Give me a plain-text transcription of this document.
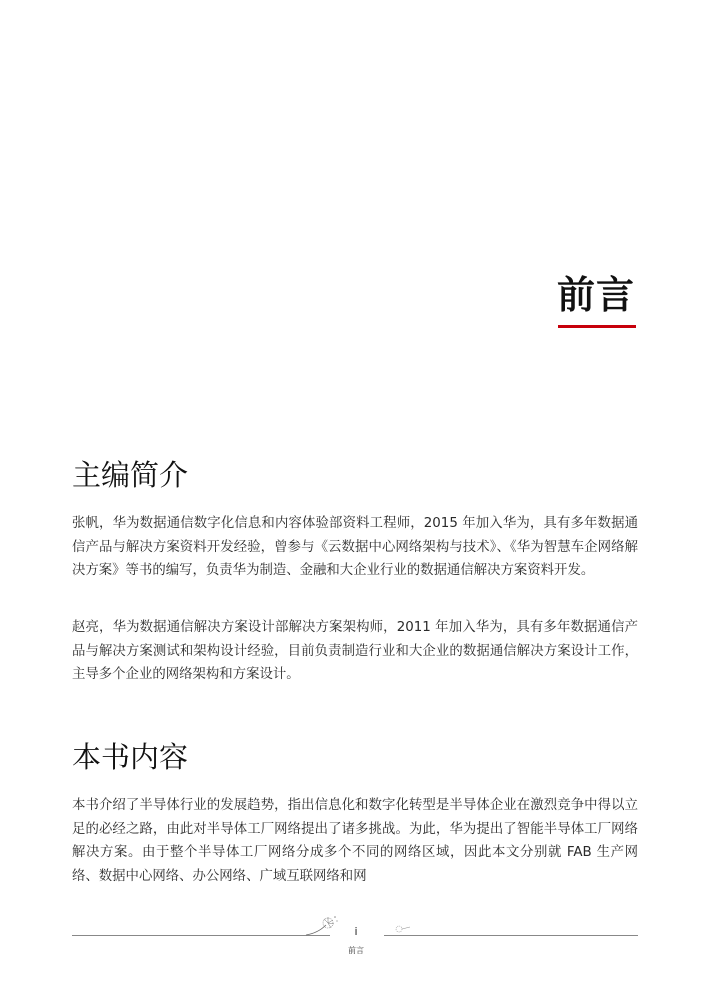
前言
主编简介

张帆，华为数据通信数字化信息和内容体验部资料工程师，2015 年加入华为，具有多年数据通信产品与解决方案资料开发经验，曾参与《云数据中心网络架构与技术》、《华为智慧车企网络解决方案》等书的编写，负责华为制造、金融和大企业行业的数据通信解决方案资料开发。

赵亮，华为数据通信解决方案设计部解决方案架构师，2011 年加入华为，具有多年数据通信产品与解决方案测试和架构设计经验，目前负责制造行业和大企业的数据通信解决方案设计工作，主导多个企业的网络架构和方案设计。

本书内容

本书介绍了半导体行业的发展趋势，指出信息化和数字化转型是半导体企业在激烈竞争中得以立足的必经之路，由此对半导体工厂网络提出了诸多挑战。为此，华为提出了智能半导体工厂网络解决方案。由于整个半导体工厂网络分成多个不同的网络区域，因此本文分别就 FAB 生产网络、数据中心网络、办公网络、广域互联网络和网

i
前言
